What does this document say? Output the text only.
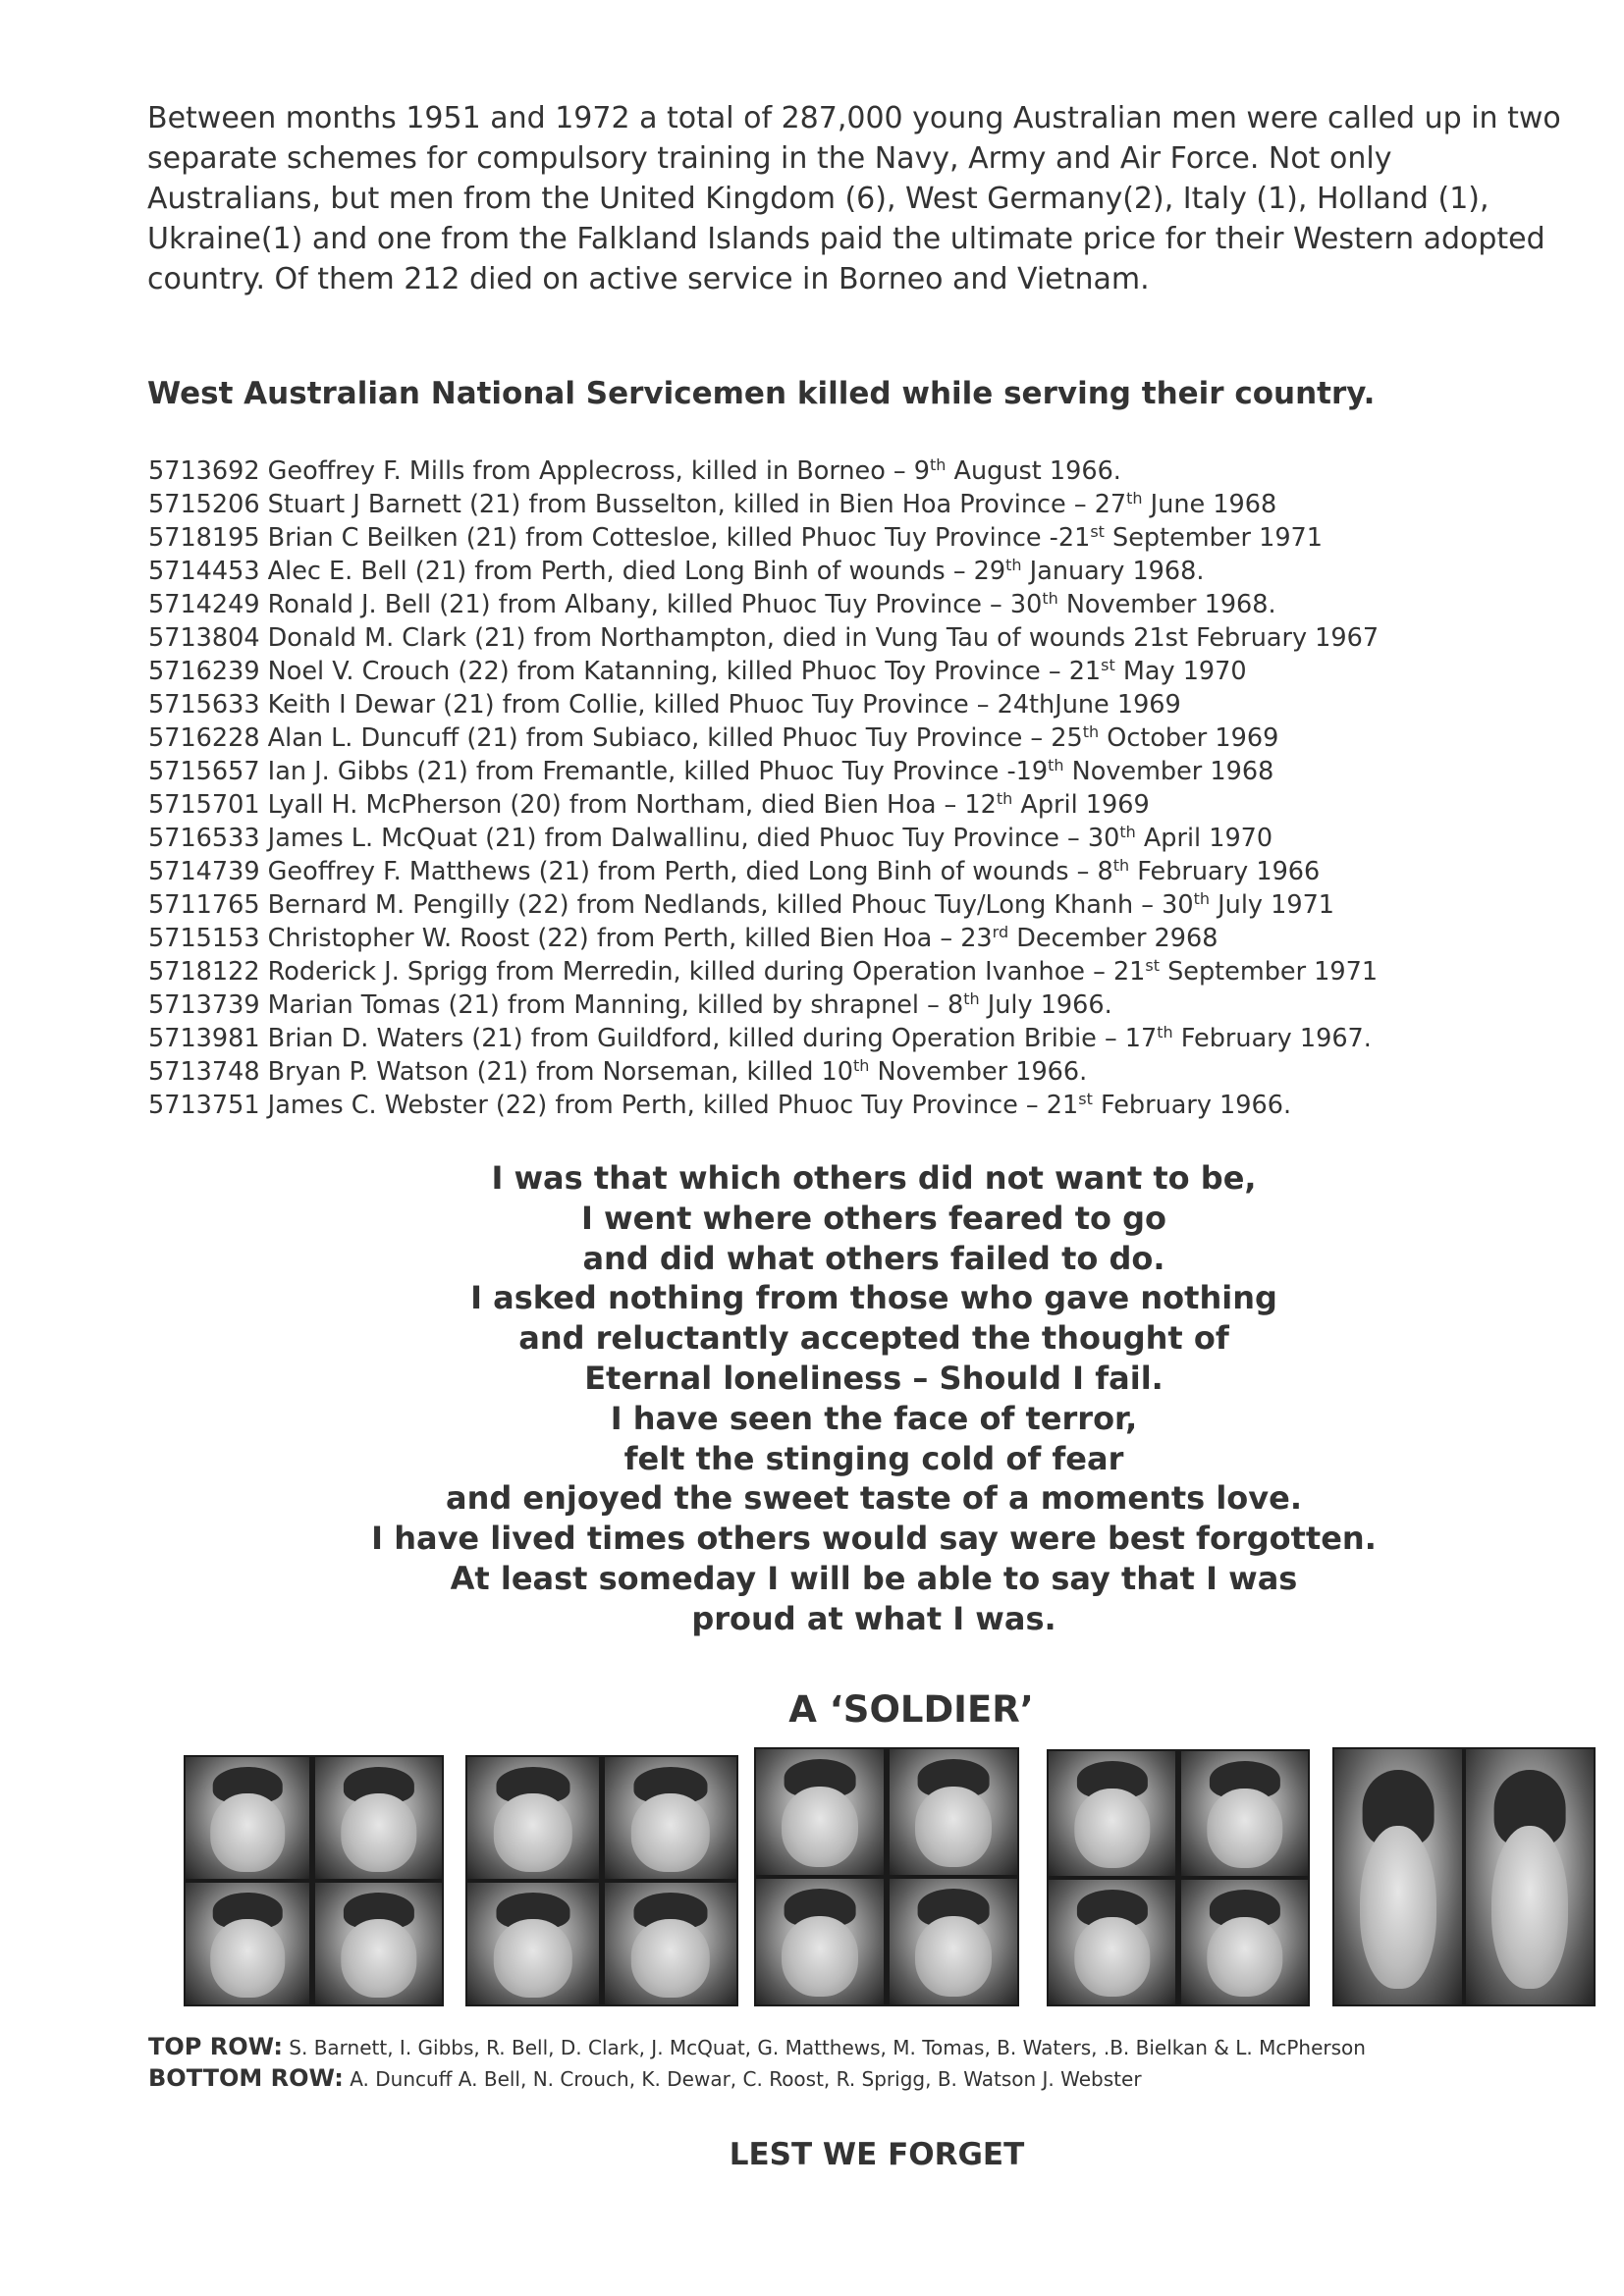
Between months 1951 and 1972 a total of 287,000 young Australian men were called up in two separate schemes for compulsory training in the Navy, Army and Air Force. Not only Australians, but men from the United Kingdom (6), West Germany(2), Italy (1), Holland (1), Ukraine(1) and one from the Falkland Islands paid the ultimate price for their Western adopted country. Of them 212 died on active service in Borneo and Vietnam.

West Australian National Servicemen killed while serving their country.
5713692 Geoffrey F. Mills from Applecross, killed in Borneo – 9th August 1966.
5715206 Stuart J Barnett (21) from Busselton, killed in Bien Hoa Province – 27th June 1968
5718195 Brian C Beilken (21) from Cottesloe, killed Phuoc Tuy Province -21st September 1971
5714453 Alec E. Bell (21) from Perth, died Long Binh of wounds – 29th January 1968.
5714249 Ronald J. Bell (21) from Albany, killed Phuoc Tuy Province – 30th November 1968.
5713804 Donald M. Clark (21) from Northampton, died in Vung Tau of wounds 21st February 1967
5716239 Noel V. Crouch (22) from Katanning, killed Phuoc Toy Province – 21st May 1970
5715633 Keith I Dewar (21) from Collie, killed Phuoc Tuy Province – 24thJune 1969
5716228 Alan L. Duncuff (21) from Subiaco, killed Phuoc Tuy Province – 25th October 1969
5715657 Ian J. Gibbs (21) from Fremantle, killed Phuoc Tuy Province -19th November 1968
5715701 Lyall H. McPherson (20) from Northam, died Bien Hoa – 12th April 1969
5716533 James L. McQuat (21) from Dalwallinu, died Phuoc Tuy Province – 30th April 1970
5714739 Geoffrey F. Matthews (21) from Perth, died Long Binh of wounds – 8th February 1966
5711765 Bernard M. Pengilly (22) from Nedlands, killed Phouc Tuy/Long Khanh – 30th July 1971
5715153 Christopher W. Roost (22) from Perth, killed Bien Hoa – 23rd December 2968
5718122 Roderick J. Sprigg from Merredin, killed during Operation Ivanhoe – 21st September 1971
5713739 Marian Tomas (21) from Manning, killed by shrapnel – 8th July 1966.
5713981 Brian D. Waters (21) from Guildford, killed during Operation Bribie – 17th February 1967.
5713748 Bryan P. Watson (21) from Norseman, killed 10th November 1966.
5713751 James C. Webster (22) from Perth, killed Phuoc Tuy Province – 21st February 1966.
I was that which others did not want to be,
I went where others feared to go
and did what others failed to do.
I asked nothing from those who gave nothing
and reluctantly accepted the thought of
Eternal loneliness – Should I fail.
I have seen the face of terror,
felt the stinging cold of fear
and enjoyed the sweet taste of a moments love.
I have lived times others would say were best forgotten.
At least someday I will be able to say that I was
proud at what I was.
A ‘SOLDIER’

TOP ROW: S. Barnett, I. Gibbs, R. Bell, D. Clark, J. McQuat, G. Matthews, M. Tomas, B. Waters, .B. Bielkan & L. McPherson

BOTTOM ROW: A. Duncuff A. Bell, N. Crouch, K. Dewar, C. Roost, R. Sprigg, B. Watson J. Webster

LEST WE FORGET
